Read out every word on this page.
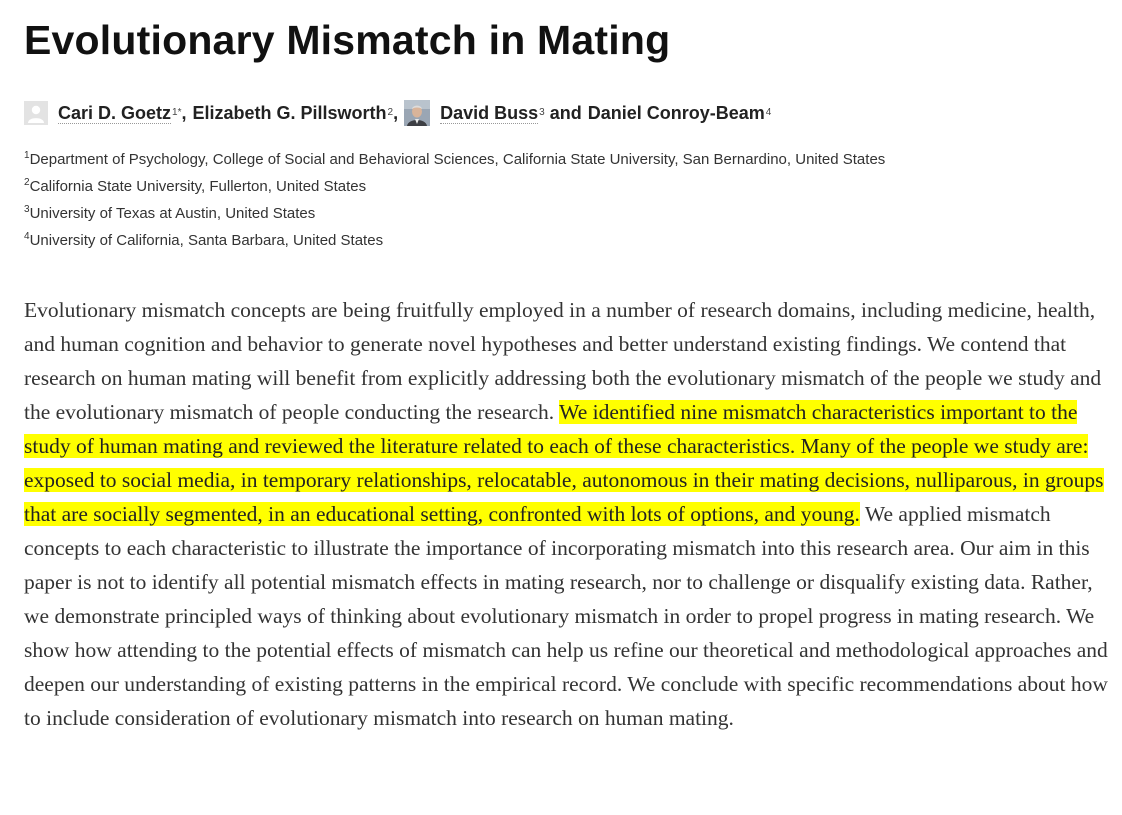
Evolutionary Mismatch in Mating
Cari D. Goetz 1* , Elizabeth G. Pillsworth 2 , David Buss 3
and Daniel Conroy-Beam 4
$^1$Department of Psychology, College of Social and Behavioral Sciences, California State University, San Bernardino, United States
$^2$California State University, Fullerton, United States
$^3$University of Texas at Austin, United States
$^4$University of California, Santa Barbara, United States

Evolutionary mismatch concepts are being fruitfully employed in a number of research domains, including medicine, health, and human cognition and behavior to generate novel hypotheses and better understand existing findings. We contend that research on human mating will benefit from explicitly addressing both the evolutionary mismatch of the people we study and the evolutionary mismatch of people conducting the research. We identified nine mismatch characteristics important to the study of human mating and reviewed the literature related to each of these characteristics. Many of the people we study are: exposed to social media, in temporary relationships, relocatable, autonomous in their mating decisions, nulliparous, in groups that are socially segmented, in an educational setting, confronted with lots of options, and young. We applied mismatch concepts to each characteristic to illustrate the importance of incorporating mismatch into this research area. Our aim in this paper is not to identify all potential mismatch effects in mating research, nor to challenge or disqualify existing data. Rather, we demonstrate principled ways of thinking about evolutionary mismatch in order to propel progress in mating research. We show how attending to the potential effects of mismatch can help us refine our theoretical and methodological approaches and deepen our understanding of existing patterns in the empirical record. We conclude with specific recommendations about how to include consideration of evolutionary mismatch into research on human mating.
